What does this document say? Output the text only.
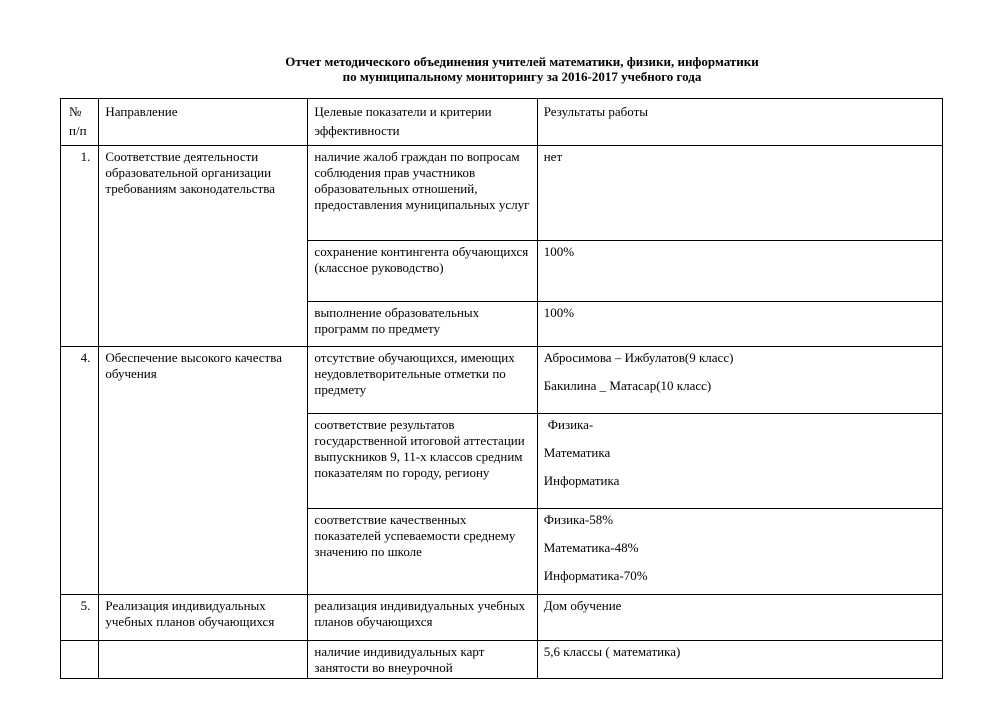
Отчет методического объединения учителей математики, физики, информатики
по муниципальному мониторингу за 2016-2017 учебного года
№
п/п	Направление	Целевые показатели и критерии эффективности	Результаты работы
1.	Соответствие деятельности образовательной организации требованиям законодательства	наличие жалоб граждан по вопросам соблюдения прав участников образовательных отношений, предоставления муниципальных услуг	нет

		сохранение контингента обучающихся (классное руководство)	100%

		выполнение образовательных программ по предмету	100%

4.	Обеспечение высокого качества обучения	отсутствие обучающихся, имеющих неудовлетворительные отметки по предмету	Абросимова – Ижбулатов(9 класс)
Бакилина _ Матасар(10 класс)

		соответствие результатов государственной итоговой аттестации выпускников 9, 11-х классов средним показателям по городу, региону	Физика-
Математика
Информатика

		соответствие качественных показателей успеваемости среднему значению по школе	Физика-58%
Математика-48%
Информатика-70%

5.	Реализация индивидуальных учебных планов обучающихся	реализация индивидуальных учебных планов обучающихся	Дом обучение

		наличие индивидуальных карт занятости во внеурочной	5,6 классы ( математика)
